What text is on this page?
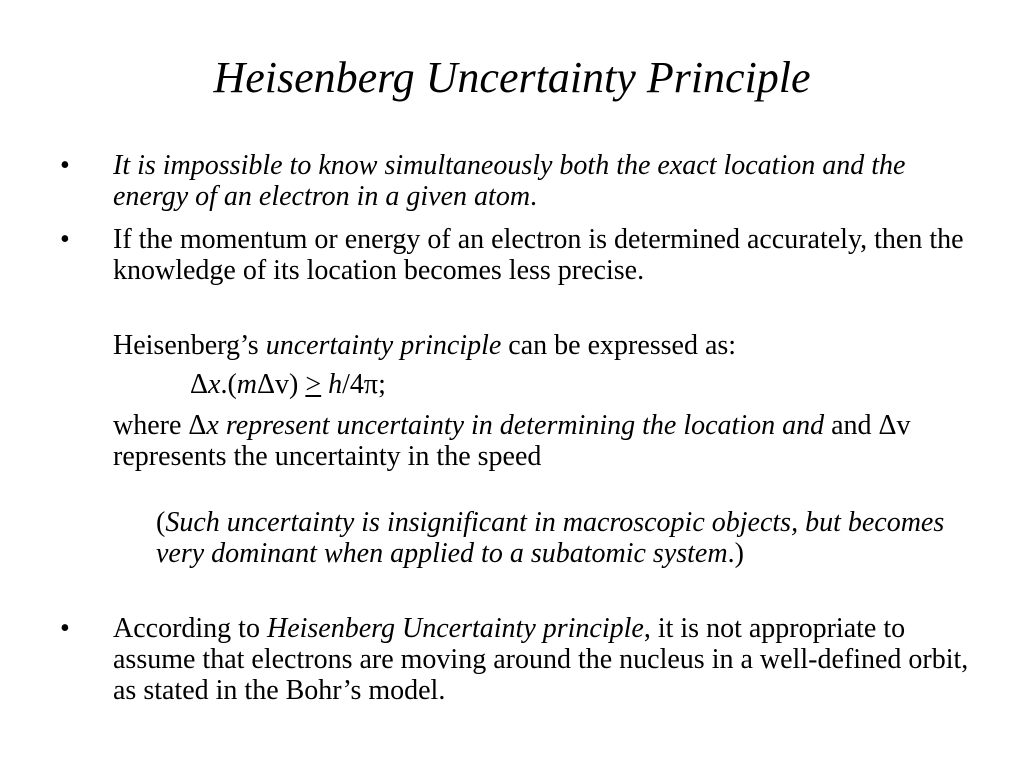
Heisenberg Uncertainty Principle
• It is impossible to know simultaneously both the exact location and the energy of an electron in a given atom.

• If the momentum or energy of an electron is determined accurately, then the knowledge of its location becomes less precise.

Heisenberg’s uncertainty principle can be expressed as:

Δx.(mΔv) > h/4π;

where Δx represent uncertainty in determining the location and and Δv represents the uncertainty in the speed

(Such uncertainty is insignificant in macroscopic objects, but becomes very dominant when applied to a subatomic system.)

• According to Heisenberg Uncertainty principle, it is not appropriate to assume that electrons are moving around the nucleus in a well-defined orbit, as stated in the Bohr’s model.
